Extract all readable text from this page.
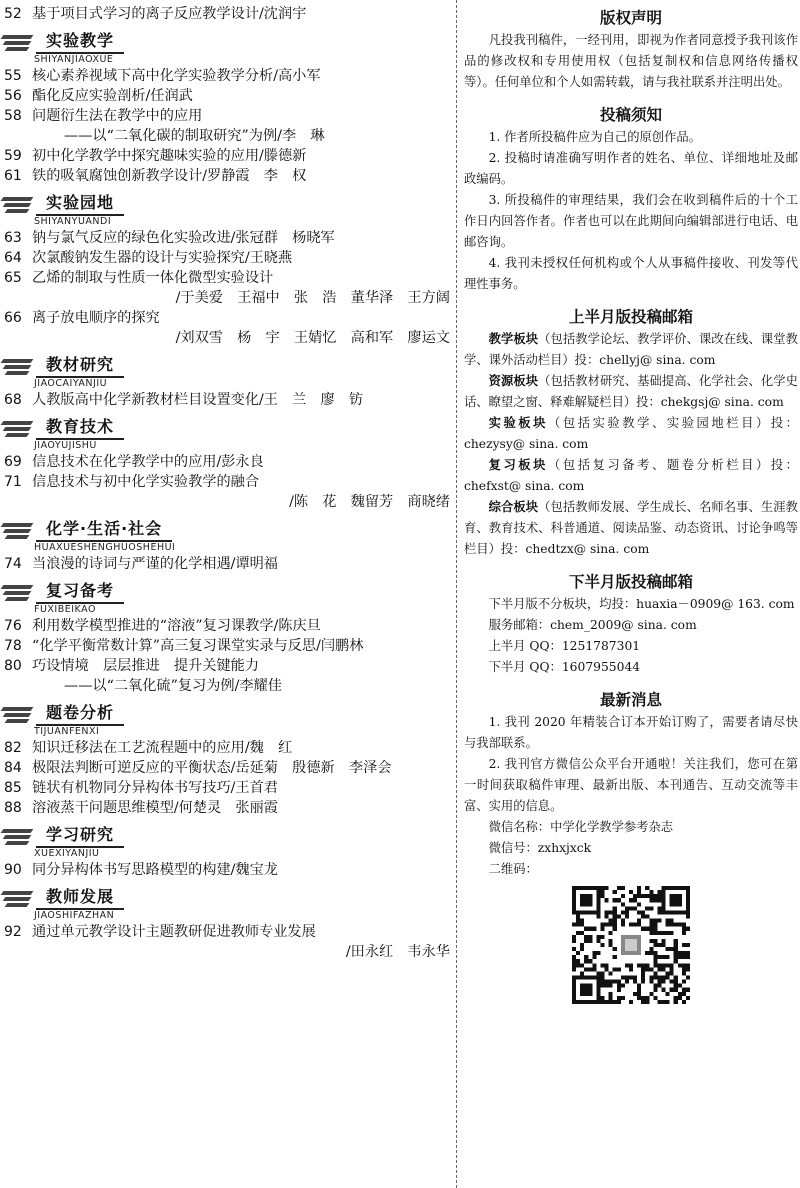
52 基于项目式学习的离子反应教学设计/沈润宇
实验教学
SHIYANJIAOXUE
55 核心素养视域下高中化学实验教学分析/高小军
56 酯化反应实验剖析/任润武
58 问题衍生法在教学中的应用
——以“二氧化碳的制取研究”为例/李　琳
59 初中化学教学中探究趣味实验的应用/滕德新
61 铁的吸氧腐蚀创新教学设计/罗静霞　李　权
实验园地
SHIYANYUANDI
63 钠与氯气反应的绿色化实验改进/张冠群　杨晓军
64 次氯酸钠发生器的设计与实验探究/王晓燕
65 乙烯的制取与性质一体化微型实验设计
/于美爱　王福中　张　浩　董华泽　王方阔
66 离子放电顺序的探究
/刘双雪　杨　宇　王婧忆　高和军　廖运文
教材研究
JIAOCAIYANJIU
68 人教版高中化学新教材栏目设置变化/王　兰　廖　钫
教育技术
JIAOYUJISHU
69 信息技术在化学教学中的应用/彭永良
71 信息技术与初中化学实验教学的融合
/陈　花　魏留芳　商晓绪
化学·生活·社会
HUAXUESHENGHUOSHEHUI
74 当浪漫的诗词与严谨的化学相遇/谭明福
复习备考
FUXIBEIKAO
76 利用数学模型推进的“溶液”复习课教学/陈庆旦
78 “化学平衡常数计算”高三复习课堂实录与反思/闫鹏林
80 巧设情境　层层推进　提升关键能力
——以“二氧化硫”复习为例/李耀佳
题卷分析
TIJUANFENXI
82 知识迁移法在工艺流程题中的应用/魏　红
84 极限法判断可逆反应的平衡状态/岳延菊　殷德新　李泽会
85 链状有机物同分异构体书写技巧/王首君
88 溶液蒸干问题思维模型/何楚灵　张丽霞
学习研究
XUEXIYANJIU
90 同分异构体书写思路模型的构建/魏宝龙
教师发展
JIAOSHIFAZHAN
92 通过单元教学设计主题教研促进教师专业发展
/田永红　韦永华
版权声明

凡投我刊稿件，一经刊用，即视为作者同意授予我刊该作品的修改权和专用使用权（包括复制权和信息网络传播权等）。任何单位和个人如需转载，请与我社联系并注明出处。

投稿须知

1. 作者所投稿件应为自己的原创作品。

2. 投稿时请准确写明作者的姓名、单位、详细地址及邮政编码。

3. 所投稿件的审理结果，我们会在收到稿件后的十个工作日内回答作者。作者也可以在此期间向编辑部进行电话、电邮咨询。

4. 我刊未授权任何机构或个人从事稿件接收、刊发等代理性事务。

上半月版投稿邮箱

教学板块（包括教学论坛、教学评价、课改在线、课堂教学、课外活动栏目）投：chellyj@ sina. com

资源板块（包括教材研究、基础提高、化学社会、化学史话、瞭望之窗、释难解疑栏目）投：chekgsj@ sina. com

实验板块（包括实验教学、实验园地栏目）投：chezysy@ sina. com

复习板块（包括复习备考、题卷分析栏目）投：chefxst@ sina. com

综合板块（包括教师发展、学生成长、名师名事、生涯教育、教育技术、科普通道、阅读品鉴、动态资讯、讨论争鸣等栏目）投：chedtzx@ sina. com

下半月版投稿邮箱

下半月版不分板块，均投：huaxia－0909@ 163. com

服务邮箱：chem_2009@ sina. com

上半月 QQ：1251787301

下半月 QQ：1607955044

最新消息

1. 我刊 2020 年精装合订本开始订购了，需要者请尽快与我部联系。

2. 我刊官方微信公众平台开通啦！关注我们，您可在第一时间获取稿件审理、最新出版、本刊通告、互动交流等丰富、实用的信息。

微信名称：中学化学教学参考杂志

微信号：zxhxjxck

二维码：
